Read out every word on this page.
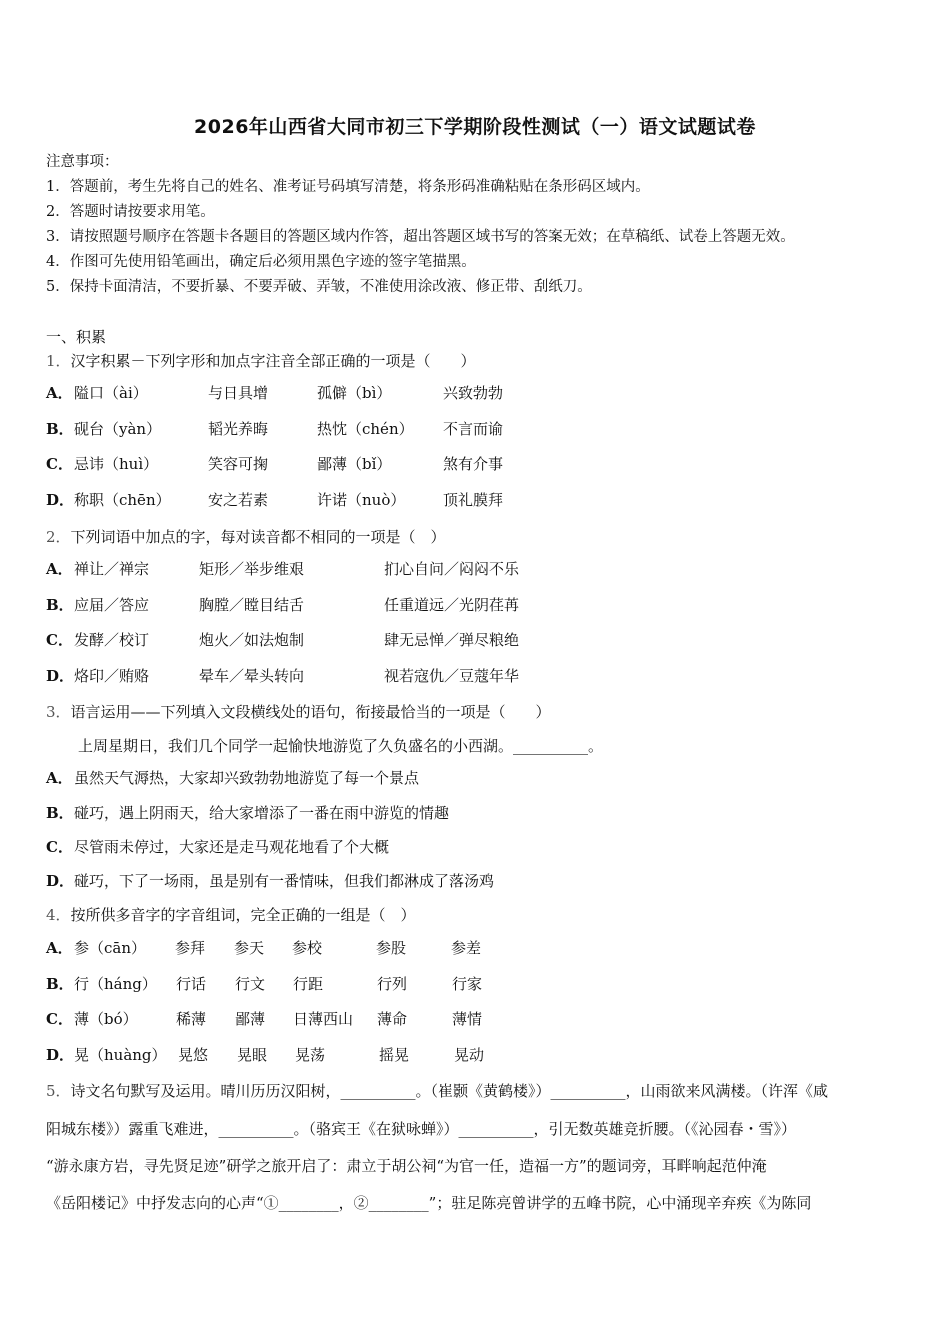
2026年山西省大同市初三下学期阶段性测试（一）语文试题试卷
注意事项：
1．答题前，考生先将自己的姓名、准考证号码填写清楚，将条形码准确粘贴在条形码区域内。
2．答题时请按要求用笔。
3．请按照题号顺序在答题卡各题目的答题区域内作答，超出答题区域书写的答案无效；在草稿纸、试卷上答题无效。
4．作图可先使用铅笔画出，确定后必须用黑色字迹的签字笔描黑。
5．保持卡面清洁，不要折暴、不要弄破、弄皱，不准使用涂改液、修正带、刮纸刀。
一、积累
1．汉字积累－下列字形和加点字注音全部正确的一项是（　　）
A． 隘口（ài）	与日具增	孤僻（bì）	兴致勃勃
B． 砚台（yàn）	韬光养晦	热忱（chén） 不言而谕
C． 忌讳（huì）	笑容可掬	鄙薄（bǐ）	煞有介事
D． 称职（chēn） 安之若素	许诺（nuò）	顶礼膜拜
2．下列词语中加点的字，每对读音都不相同的一项是（　）
A． 禅让／禅宗	矩形／举步维艰	扪心自问／闷闷不乐
B． 应届／答应	胸膛／瞠目结舌	任重道远／光阴荏苒
C． 发酵／校订	炮火／如法炮制	肆无忌惮／弹尽粮绝
D． 烙印／贿赂	晕车／晕头转向	视若寇仇／豆蔻年华
3．语言运用——下列填入文段横线处的语句，衔接最恰当的一项是（　　）
上周星期日，我们几个同学一起愉快地游览了久负盛名的小西湖。__________。
A． 虽然天气溽热，大家却兴致勃勃地游览了每一个景点
B． 碰巧，遇上阴雨天，给大家增添了一番在雨中游览的情趣
C． 尽管雨未停过，大家还是走马观花地看了个大概
D． 碰巧，下了一场雨，虽是别有一番情味，但我们都淋成了落汤鸡
4．按所供多音字的字音组词，完全正确的一组是（　）
A． 参（cān） 参拜 参天 参校	参股	参差
B． 行（háng） 行话 行文 行距	行列	行家
C． 薄（bó）	稀薄 鄙薄 日薄西山 薄命	薄情
D． 晃（huàng） 晃悠 晃眼 晃荡	摇晃	晃动
5．诗文名句默写及运用。晴川历历汉阳树，__________。（崔颢《黄鹤楼》）__________，山雨欲来风满楼。（许浑《咸
阳城东楼》）露重飞难进，__________。（骆宾王《在狱咏蝉》）__________，引无数英雄竞折腰。（《沁园春・雪》）
“游永康方岩，寻先贤足迹”研学之旅开启了：肃立于胡公祠“为官一任，造福一方”的题词旁，耳畔响起范仲淹
《岳阳楼记》中抒发志向的心声“①________，②________”；驻足陈亮曾讲学的五峰书院，心中涌现辛弃疾《为陈同
